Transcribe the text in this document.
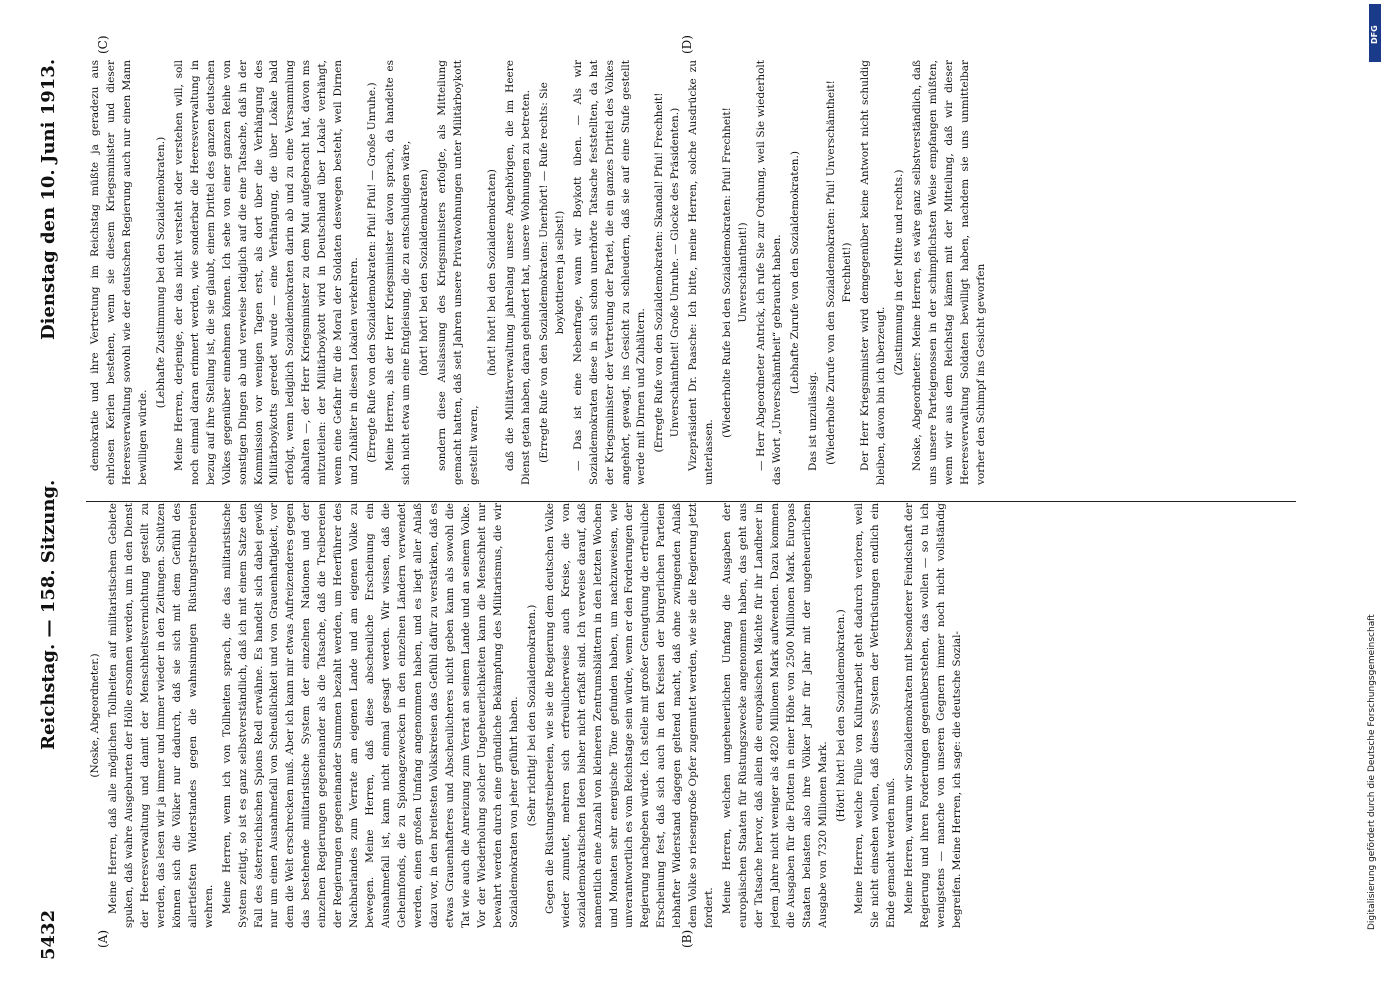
5432
Reichstag. — 158. Sitzung.
Dienstag den 10. Juni 1913.
(A)	(B)
(C)	(D)

(Noske, Abgeordneter.) Meine Herren, daß alle möglichen Tollheiten auf militaristischem Gebiete spuken, daß wahre Ausgeburten der Hölle ersonnen werden, um in den Dienst der Heeresverwaltung und damit der Menschheitsvernichtung gestellt zu werden, das lesen wir ja immer und immer wieder in den Zeitungen. Schützen können sich die Völker nur dadurch, daß sie sich mit dem Gefühl des allertiefsten Widerstandes gegen die wahnsinnigen Rüstungstreibereien wehren. Meine Herren, wenn ich von Tollheiten sprach, die das militaristische System zeitigt, so ist es ganz selbstverständlich, daß ich mit einem Satze den Fall des österreichischen Spions Redl erwähne. Es handelt sich dabei gewiß nur um einen Ausnahmefall von Scheußlichkeit und von Grauenhaftigkeit, vor dem die Welt erschrecken muß. Aber ich kann mir etwas Aufreizenderes gegen das bestehende militaristische System der einzelnen Nationen und der einzelnen Regierungen gegeneinander als die Tatsache, daß die Treibereien der Regierungen gegeneinander Summen bezahlt werden, um Heerführer des Nachbarlandes zum Verrate am eigenen Lande und am eigenen Volke zu bewegen. Meine Herren, daß diese abscheuliche Erscheinung ein Ausnahmefall ist, kann nicht einmal gesagt werden. Wir wissen, daß die Geheimfonds, die zu Spionagezwecken in den einzelnen Ländern verwendet werden, einen großen Umfang angenommen haben, und es liegt aller Anlaß dazu vor, in den breitesten Volkskreisen das Gefühl dafür zu verstärken, daß es etwas Grauenhafteres und Abscheulicheres nicht geben kann als sowohl die Tat wie auch die Anreizung zum Verrat an seinem Lande und an seinem Volke. Vor der Wiederholung solcher Ungeheuerlichkeiten kann die Menschheit nur bewahrt werden durch eine gründliche Bekämpfung des Militarismus, die wir Sozialdemokraten von jeher geführt haben. (Sehr richtig! bei den Sozialdemokraten.) Gegen die Rüstungstreibereien, wie sie die Regierung dem deutschen Volke wieder zumutet, mehren sich erfreulicherweise auch Kreise, die von sozialdemokratischen Ideen bisher nicht erfaßt sind. Ich verweise darauf, daß namentlich eine Anzahl von kleineren Zentrumsblättern in den letzten Wochen und Monaten sehr energische Töne gefunden haben, um nachzuweisen, wie unverantwortlich es vom Reichstage sein würde, wenn er den Forderungen der Regierung nachgeben würde. Ich stelle mit großer Genugtuung die erfreuliche Erscheinung fest, daß sich auch in den Kreisen der bürgerlichen Parteien lebhafter Widerstand dagegen geltend macht, daß ohne zwingenden Anlaß dem Volke so riesengroße Opfer zugemutet werden, wie sie die Regierung jetzt fordert. Meine Herren, welchen ungeheuerlichen Umfang die Ausgaben der europäischen Staaten für Rüstungszwecke angenommen haben, das geht aus der Tatsache hervor, daß allein die europäischen Mächte für ihr Landheer in jedem Jahre nicht weniger als 4820 Millionen Mark aufwenden. Dazu kommen die Ausgaben für die Flotten in einer Höhe von 2500 Millionen Mark. Europas Staaten belasten also ihre Völker Jahr für Jahr mit der ungeheuerlichen Ausgabe von 7320 Millionen Mark.

(Hört! hört! bei den Sozialdemokraten.) Meine Herren, welche Fülle von Kulturarbeit geht dadurch verloren, weil Sie nicht einsehen wollen, daß dieses System der Wettrüstungen endlich ein Ende gemacht werden muß. Meine Herren, warum wir Sozialdemokraten mit besonderer Feindschaft der Regierung und ihren Forderungen gegenüberstehen, das wollen — so tu ich wenigstens — manche von unseren Gegnern immer noch nicht vollständig begreifen. Meine Herren, ich sage: die deutsche Sozial-

demokratie und ihre Vertretung im Reichstag müßte ja geradezu aus ehrlosen Kerlen bestehen, wenn sie diesem Kriegsminister und dieser Heeresverwaltung sowohl wie der deutschen Regierung auch nur einen Mann bewilligen würde.

(Lebhafte Zustimmung bei den Sozialdemokraten.) Meine Herren, derjenige, der das nicht versteht oder verstehen will, soll noch einmal daran erinnert werden, wie sonderbar die Heeresverwaltung in bezug auf ihre Stellung ist, die sie glaubt, einem Drittel des ganzen deutschen Volkes gegenüber einnehmen können. Ich sehe von einer ganzen Reihe von sonstigen Dingen ab und verweise lediglich auf die eine Tatsache, daß in der Kommission vor wenigen Tagen erst, als dort über die Verhängung des Militärboykotts geredet wurde — eine Verhängung, die über Lokale bald erfolgt, wenn lediglich Sozialdemokraten darin ab und zu eine Versammlung abhalten —, der Herr Kriegsminister zu dem Mut aufgebracht hat, davon ms mitzuteilen: der Militärboykott wird in Deutschland über Lokale verhängt, wenn eine Gefahr für die Moral der Soldaten deswegen besteht, weil Dirnen und Zuhälter in diesen Lokalen verkehren. (Erregte Rufe von den Sozialdemokraten: Pfui! Pfui! — Große Unruhe.) Meine Herren, als der Herr Kriegsminister davon sprach, da handelte es sich nicht etwa um eine Entgleisung, die zu entschuldigen wäre, (hört! hört! bei den Sozialdemokraten) sondern diese Auslassung des Kriegsministers erfolgte, als Mitteilung gemacht hatten, daß seit Jahren unsere Privatwohnungen unter Militärboykott gestellt waren,

(hört! hört! bei den Sozialdemokraten) daß die Militärverwaltung jahrelang unsere Angehörigen, die im Heere Dienst getan haben, daran gehindert hat, unsere Wohnungen zu betreten. (Erregte Rufe von den Sozialdemokraten: Unerhört! — Rufe rechts: Sie boykottieren ja selbst!) — Das ist eine Nebenfrage, wann wir Boykott üben. — Als wir Sozialdemokraten diese in sich schon unerhörte Tatsache feststellten, da hat der Kriegsminister der Vertretung der Partei, die ein ganzes Drittel des Volkes angehört, gewagt, ins Gesicht zu schleudern, daß sie auf eine Stufe gestellt werde mit Dirnen und Zuhältern. (Erregte Rufe von den Sozialdemokraten: Skandal! Pfui! Frechheit! Unverschämtheit! Große Unruhe. — Glocke des Präsidenten.) Vizepräsident Dr. Paasche: Ich bitte, meine Herren, solche Ausdrücke zu unterlassen.

(Wiederholte Rufe bei den Sozialdemokraten: Pfui! Frechheit! Unverschämtheit!) — Herr Abgeordneter Antrick, ich rufe Sie zur Ordnung, weil Sie wiederholt das Wort „Unverschämtheit“ gebraucht haben. (Lebhafte Zurufe von den Sozialdemokraten.)

Das ist unzulässig. (Wiederholte Zurufe von den Sozialdemokraten: Pfui! Unverschämtheit! Frechheit!) Der Herr Kriegsminister wird demgegenüber keine Antwort nicht schuldig bleiben, davon bin ich überzeugt.

(Zustimmung in der Mitte und rechts.) Noske, Abgeordneter: Meine Herren, es wäre ganz selbstverständlich, daß uns unsere Parteigenossen in der schimpflichsten Weise empfangen müßten, wenn wir aus dem Reichstag kämen mit der Mitteilung, daß wir dieser Heeresverwaltung Soldaten bewilligt haben, nachdem sie uns unmittelbar vorher den Schimpf ins Gesicht geworfen

DFG
Digitalisierung gefördert durch die Deutsche Forschungsgemeinschaft
